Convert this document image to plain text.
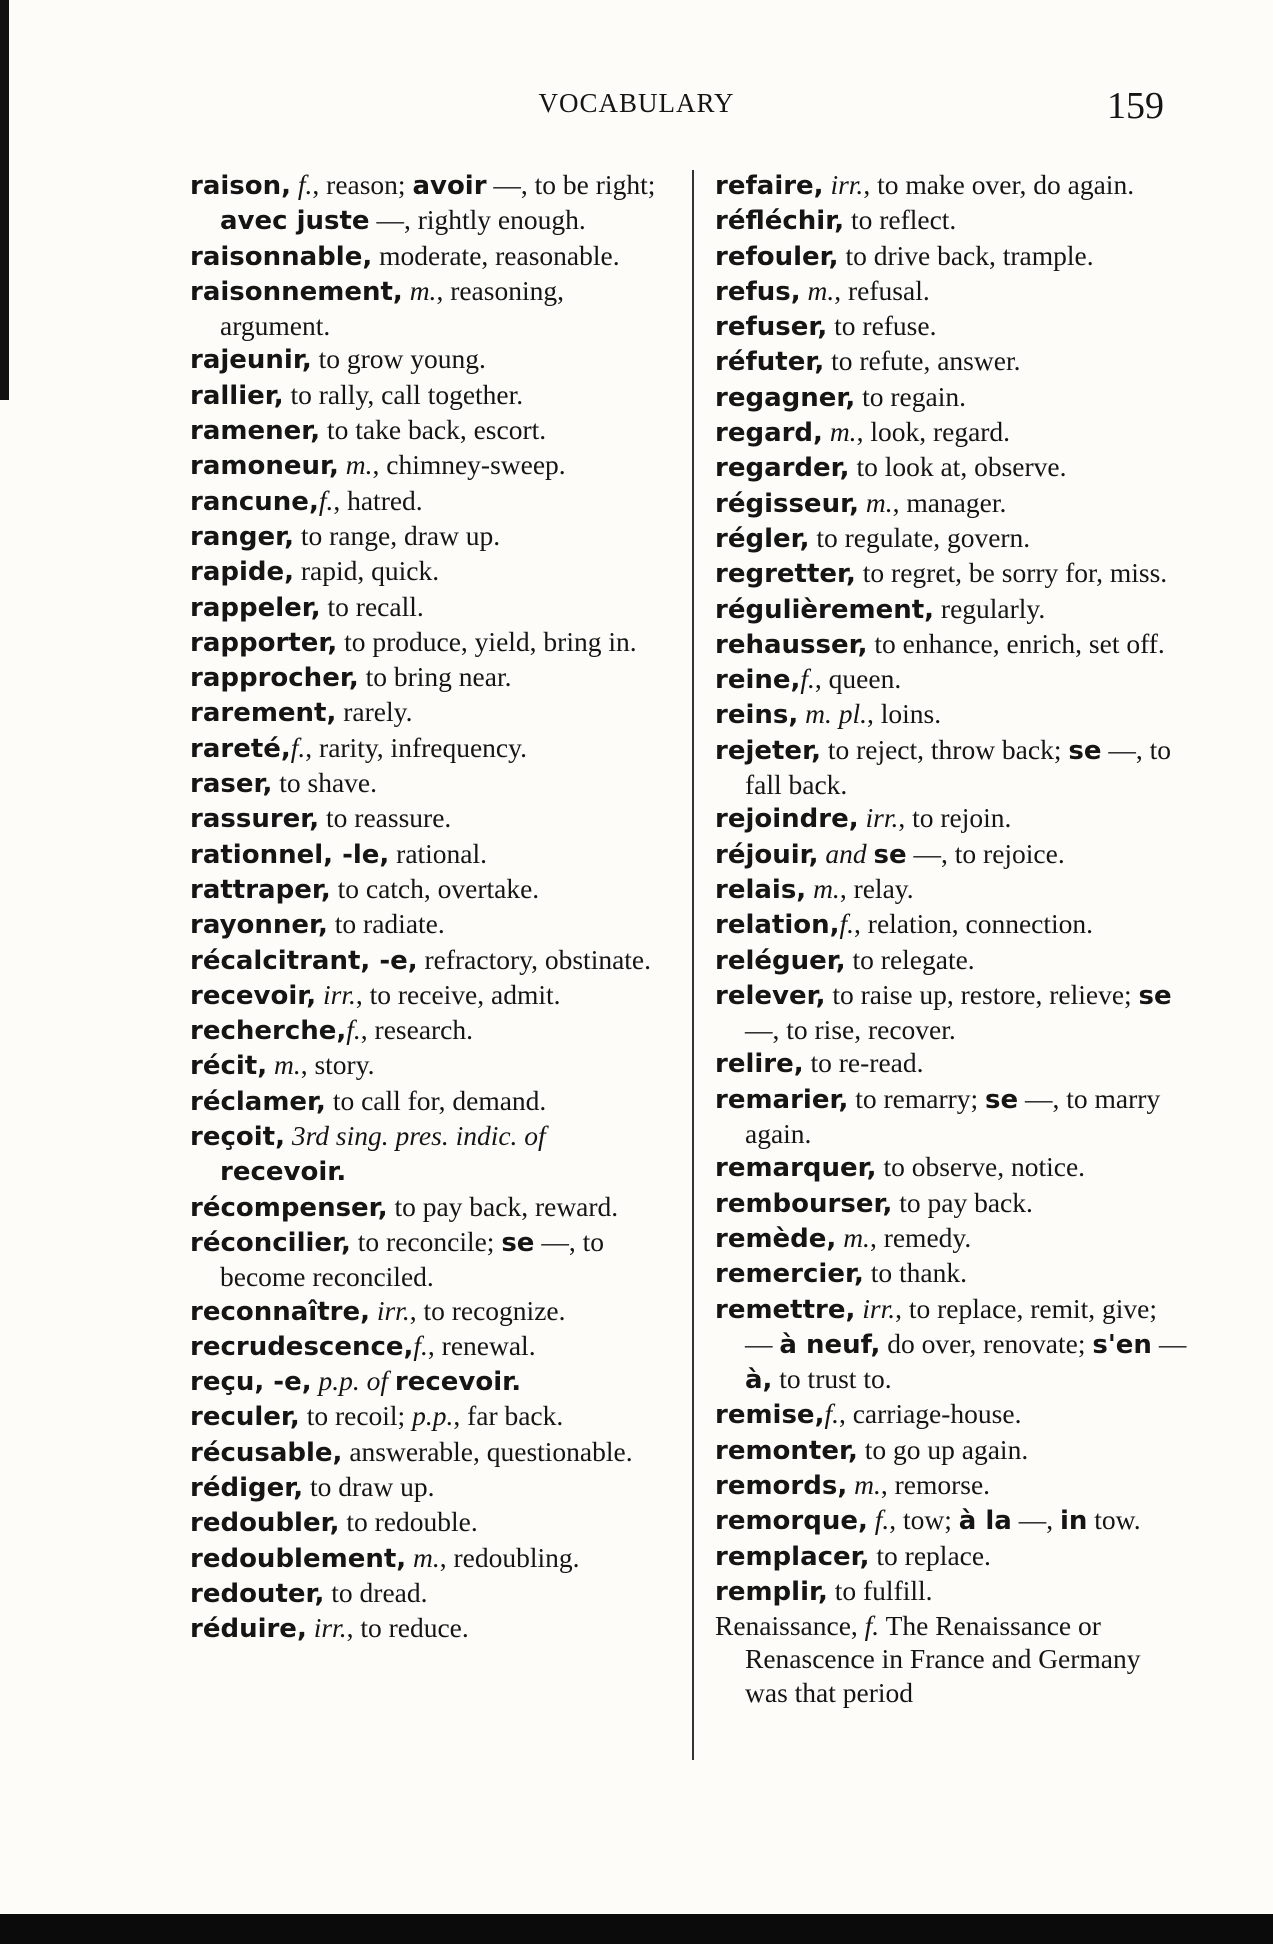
VOCABULARY	159
raison, f., reason; avoir —, to be right; avec juste —, rightly enough.
raisonnable, moderate, reasonable.
raisonnement, m., reasoning, argument.
rajeunir, to grow young.
rallier, to rally, call together.
ramener, to take back, escort.
ramoneur, m., chimney-sweep.
rancune,f., hatred.
ranger, to range, draw up.
rapide, rapid, quick.
rappeler, to recall.
rapporter, to produce, yield, bring in.
rapprocher, to bring near.
rarement, rarely.
rareté,f., rarity, infrequency.
raser, to shave.
rassurer, to reassure.
rationnel, -le, rational.
rattraper, to catch, overtake.
rayonner, to radiate.
récalcitrant, -e, refractory, obstinate.
recevoir, irr., to receive, admit.
recherche,f., research.
récit, m., story.
réclamer, to call for, demand.
reçoit, 3rd sing. pres. indic. of recevoir.
récompenser, to pay back, reward.
réconcilier, to reconcile; se —, to become reconciled.
reconnaître, irr., to recognize.
recrudescence,f., renewal.
reçu, -e, p.p. of recevoir.
reculer, to recoil; p.p., far back.
récusable, answerable, questionable.
rédiger, to draw up.
redoubler, to redouble.
redoublement, m., redoubling.
redouter, to dread.
réduire, irr., to reduce.
refaire, irr., to make over, do again.
réfléchir, to reflect.
refouler, to drive back, trample.
refus, m., refusal.
refuser, to refuse.
réfuter, to refute, answer.
regagner, to regain.
regard, m., look, regard.
regarder, to look at, observe.
régisseur, m., manager.
régler, to regulate, govern.
regretter, to regret, be sorry for, miss.
régulièrement, regularly.
rehausser, to enhance, enrich, set off.
reine,f., queen.
reins, m. pl., loins.
rejeter, to reject, throw back; se —, to fall back.
rejoindre, irr., to rejoin.
réjouir, and se —, to rejoice.
relais, m., relay.
relation,f., relation, connection.
reléguer, to relegate.
relever, to raise up, restore, relieve; se —, to rise, recover.
relire, to re-read.
remarier, to remarry; se —, to marry again.
remarquer, to observe, notice.
rembourser, to pay back.
remède, m., remedy.
remercier, to thank.
remettre, irr., to replace, remit, give; — à neuf, do over, renovate; s'en — à, to trust to.
remise,f., carriage-house.
remonter, to go up again.
remords, m., remorse.
remorque, f., tow; à la —, in tow.
remplacer, to replace.
remplir, to fulfill.
Renaissance, f. The Renaissance or Renascence in France and Germany was that period
